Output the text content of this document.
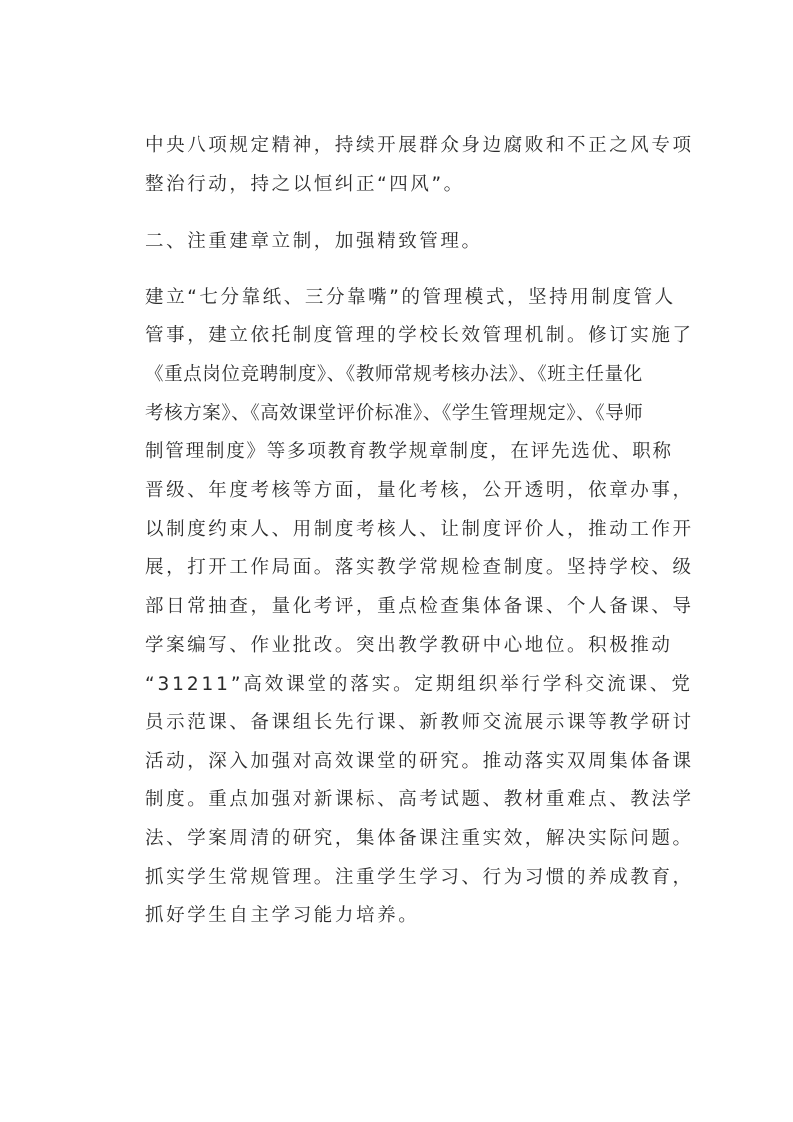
中央八项规定精神，持续开展群众身边腐败和不正之风专项
整治行动，持之以恒纠正“四风”。
二、注重建章立制，加强精致管理。
建立“七分靠纸、三分靠嘴”的管理模式，坚持用制度管人
管事，建立依托制度管理的学校长效管理机制。修订实施了
《重点岗位竞聘制度》、《教师常规考核办法》、《班主任量化
考核方案》、《高效课堂评价标准》、《学生管理规定》、《导师
制管理制度》等多项教育教学规章制度，在评先选优、职称
晋级、年度考核等方面，量化考核，公开透明，依章办事，
以制度约束人、用制度考核人、让制度评价人，推动工作开
展，打开工作局面。落实教学常规检查制度。坚持学校、级
部日常抽查，量化考评，重点检查集体备课、个人备课、导
学案编写、作业批改。突出教学教研中心地位。积极推动
“31211”高效课堂的落实。定期组织举行学科交流课、党
员示范课、备课组长先行课、新教师交流展示课等教学研讨
活动，深入加强对高效课堂的研究。推动落实双周集体备课
制度。重点加强对新课标、高考试题、教材重难点、教法学
法、学案周清的研究，集体备课注重实效，解决实际问题。
抓实学生常规管理。注重学生学习、行为习惯的养成教育，
抓好学生自主学习能力培养。
